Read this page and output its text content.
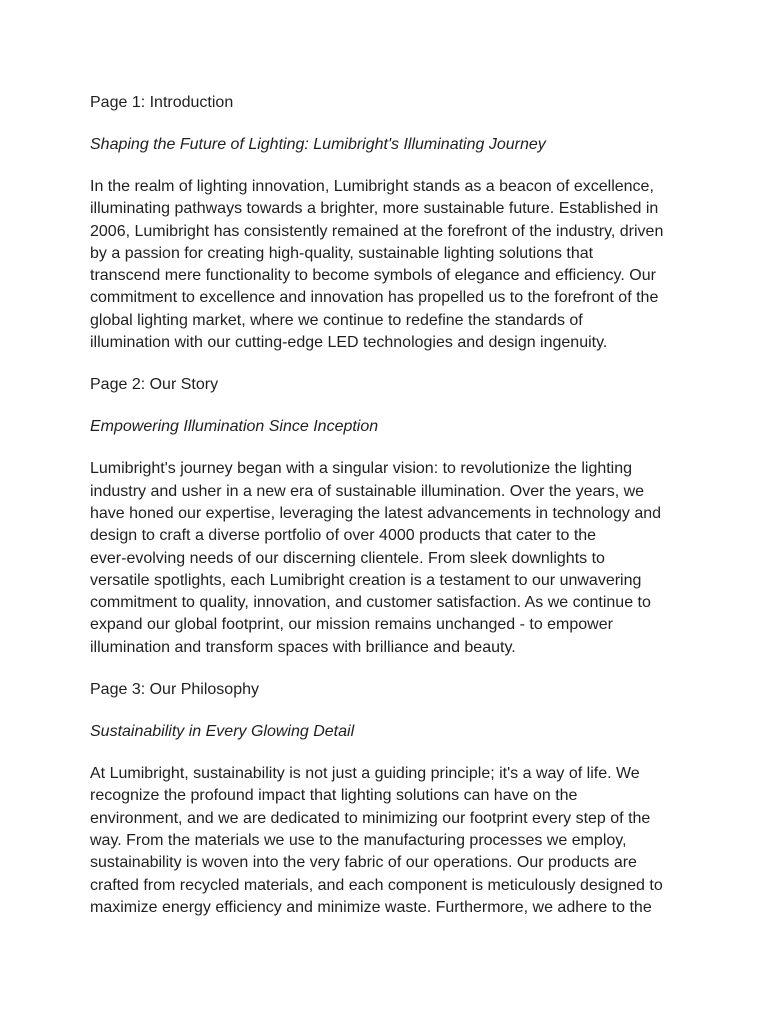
Page 1: Introduction

Shaping the Future of Lighting: Lumibright's Illuminating Journey

In the realm of lighting innovation, Lumibright stands as a beacon of excellence,
illuminating pathways towards a brighter, more sustainable future. Established in
2006, Lumibright has consistently remained at the forefront of the industry, driven
by a passion for creating high-quality, sustainable lighting solutions that
transcend mere functionality to become symbols of elegance and efficiency. Our
commitment to excellence and innovation has propelled us to the forefront of the
global lighting market, where we continue to redefine the standards of
illumination with our cutting-edge LED technologies and design ingenuity.

Page 2: Our Story

Empowering Illumination Since Inception

Lumibright's journey began with a singular vision: to revolutionize the lighting
industry and usher in a new era of sustainable illumination. Over the years, we
have honed our expertise, leveraging the latest advancements in technology and
design to craft a diverse portfolio of over 4000 products that cater to the
ever-evolving needs of our discerning clientele. From sleek downlights to
versatile spotlights, each Lumibright creation is a testament to our unwavering
commitment to quality, innovation, and customer satisfaction. As we continue to
expand our global footprint, our mission remains unchanged - to empower
illumination and transform spaces with brilliance and beauty.

Page 3: Our Philosophy

Sustainability in Every Glowing Detail

At Lumibright, sustainability is not just a guiding principle; it's a way of life. We
recognize the profound impact that lighting solutions can have on the
environment, and we are dedicated to minimizing our footprint every step of the
way. From the materials we use to the manufacturing processes we employ,
sustainability is woven into the very fabric of our operations. Our products are
crafted from recycled materials, and each component is meticulously designed to
maximize energy efficiency and minimize waste. Furthermore, we adhere to the
